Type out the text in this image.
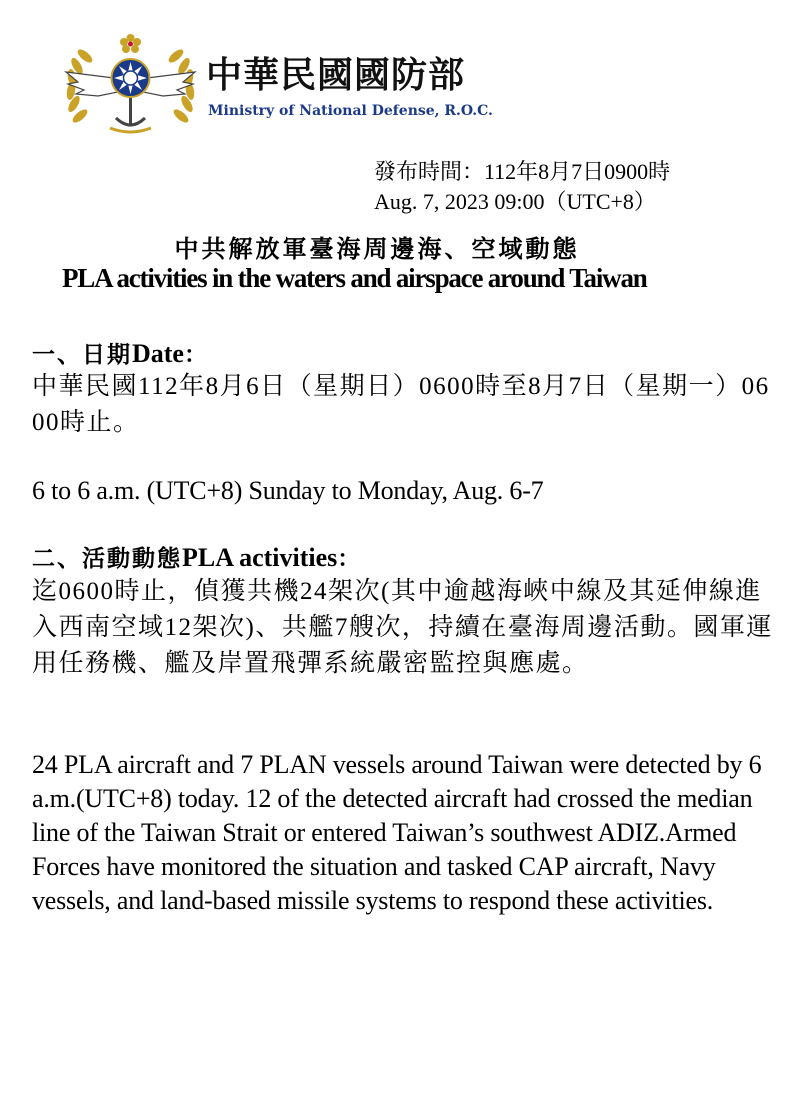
中華民國國防部
Ministry of National Defense, R.O.C.
發布時間：112年8月7日0900時
Aug. 7, 2023 09:00（UTC+8）
中共解放軍臺海周邊海、空域動態
PLA activities in the waters and airspace around Taiwan
一、日期Date：
中華民國112年8月6日（星期日）0600時至8月7日（星期一）0600時止。
6 to 6 a.m. (UTC+8) Sunday to Monday, Aug. 6-7
二、活動動態PLA activities：
迄0600時止，偵獲共機24架次(其中逾越海峽中線及其延伸線進入西南空域12架次)、共艦7艘次，持續在臺海周邊活動。國軍運用任務機、艦及岸置飛彈系統嚴密監控與應處。
24 PLA aircraft and 7 PLAN vessels around Taiwan were detected by 6 a.m.(UTC+8) today. 12 of the detected aircraft had crossed the median line of the Taiwan Strait or entered Taiwan’s southwest ADIZ.Armed Forces have monitored the situation and tasked CAP aircraft, Navy vessels, and land-based missile systems to respond these activities.
